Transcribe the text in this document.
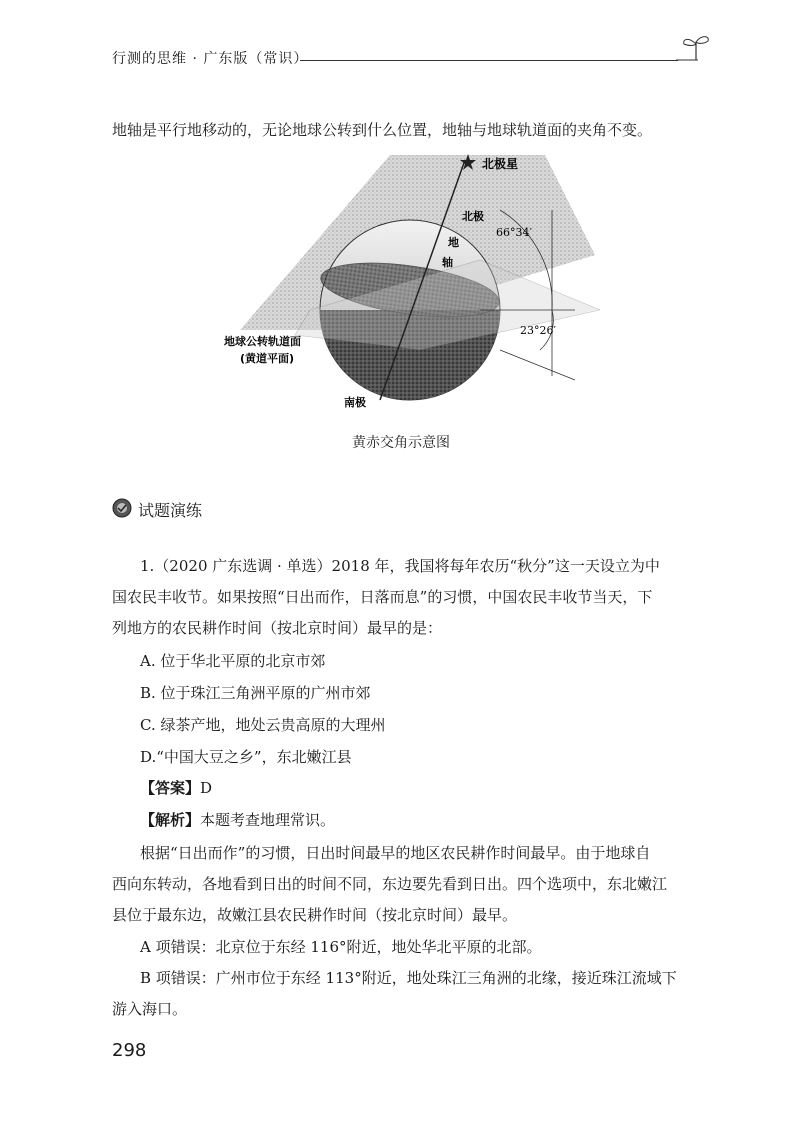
行测的思维 · 广东版（常识）
地轴是平行地移动的，无论地球公转到什么位置，地轴与地球轨道面的夹角不变。
北极星
北极
66°34′
地
轴
23°26′
地球公转轨道面
(黄道平面)
南极
黄赤交角示意图
试题演练
1.（2020 广东选调 · 单选）2018 年，我国将每年农历“秋分”这一天设立为中
国农民丰收节。如果按照“日出而作，日落而息”的习惯，中国农民丰收节当天，下
列地方的农民耕作时间（按北京时间）最早的是：
A. 位于华北平原的北京市郊
B. 位于珠江三角洲平原的广州市郊
C. 绿茶产地，地处云贵高原的大理州
D.“中国大豆之乡”，东北嫩江县
【答案】D
【解析】本题考查地理常识。
根据“日出而作”的习惯，日出时间最早的地区农民耕作时间最早。由于地球自
西向东转动，各地看到日出的时间不同，东边要先看到日出。四个选项中，东北嫩江
县位于最东边，故嫩江县农民耕作时间（按北京时间）最早。
A 项错误：北京位于东经 116°附近，地处华北平原的北部。
B 项错误：广州市位于东经 113°附近，地处珠江三角洲的北缘，接近珠江流域下
游入海口。
298
